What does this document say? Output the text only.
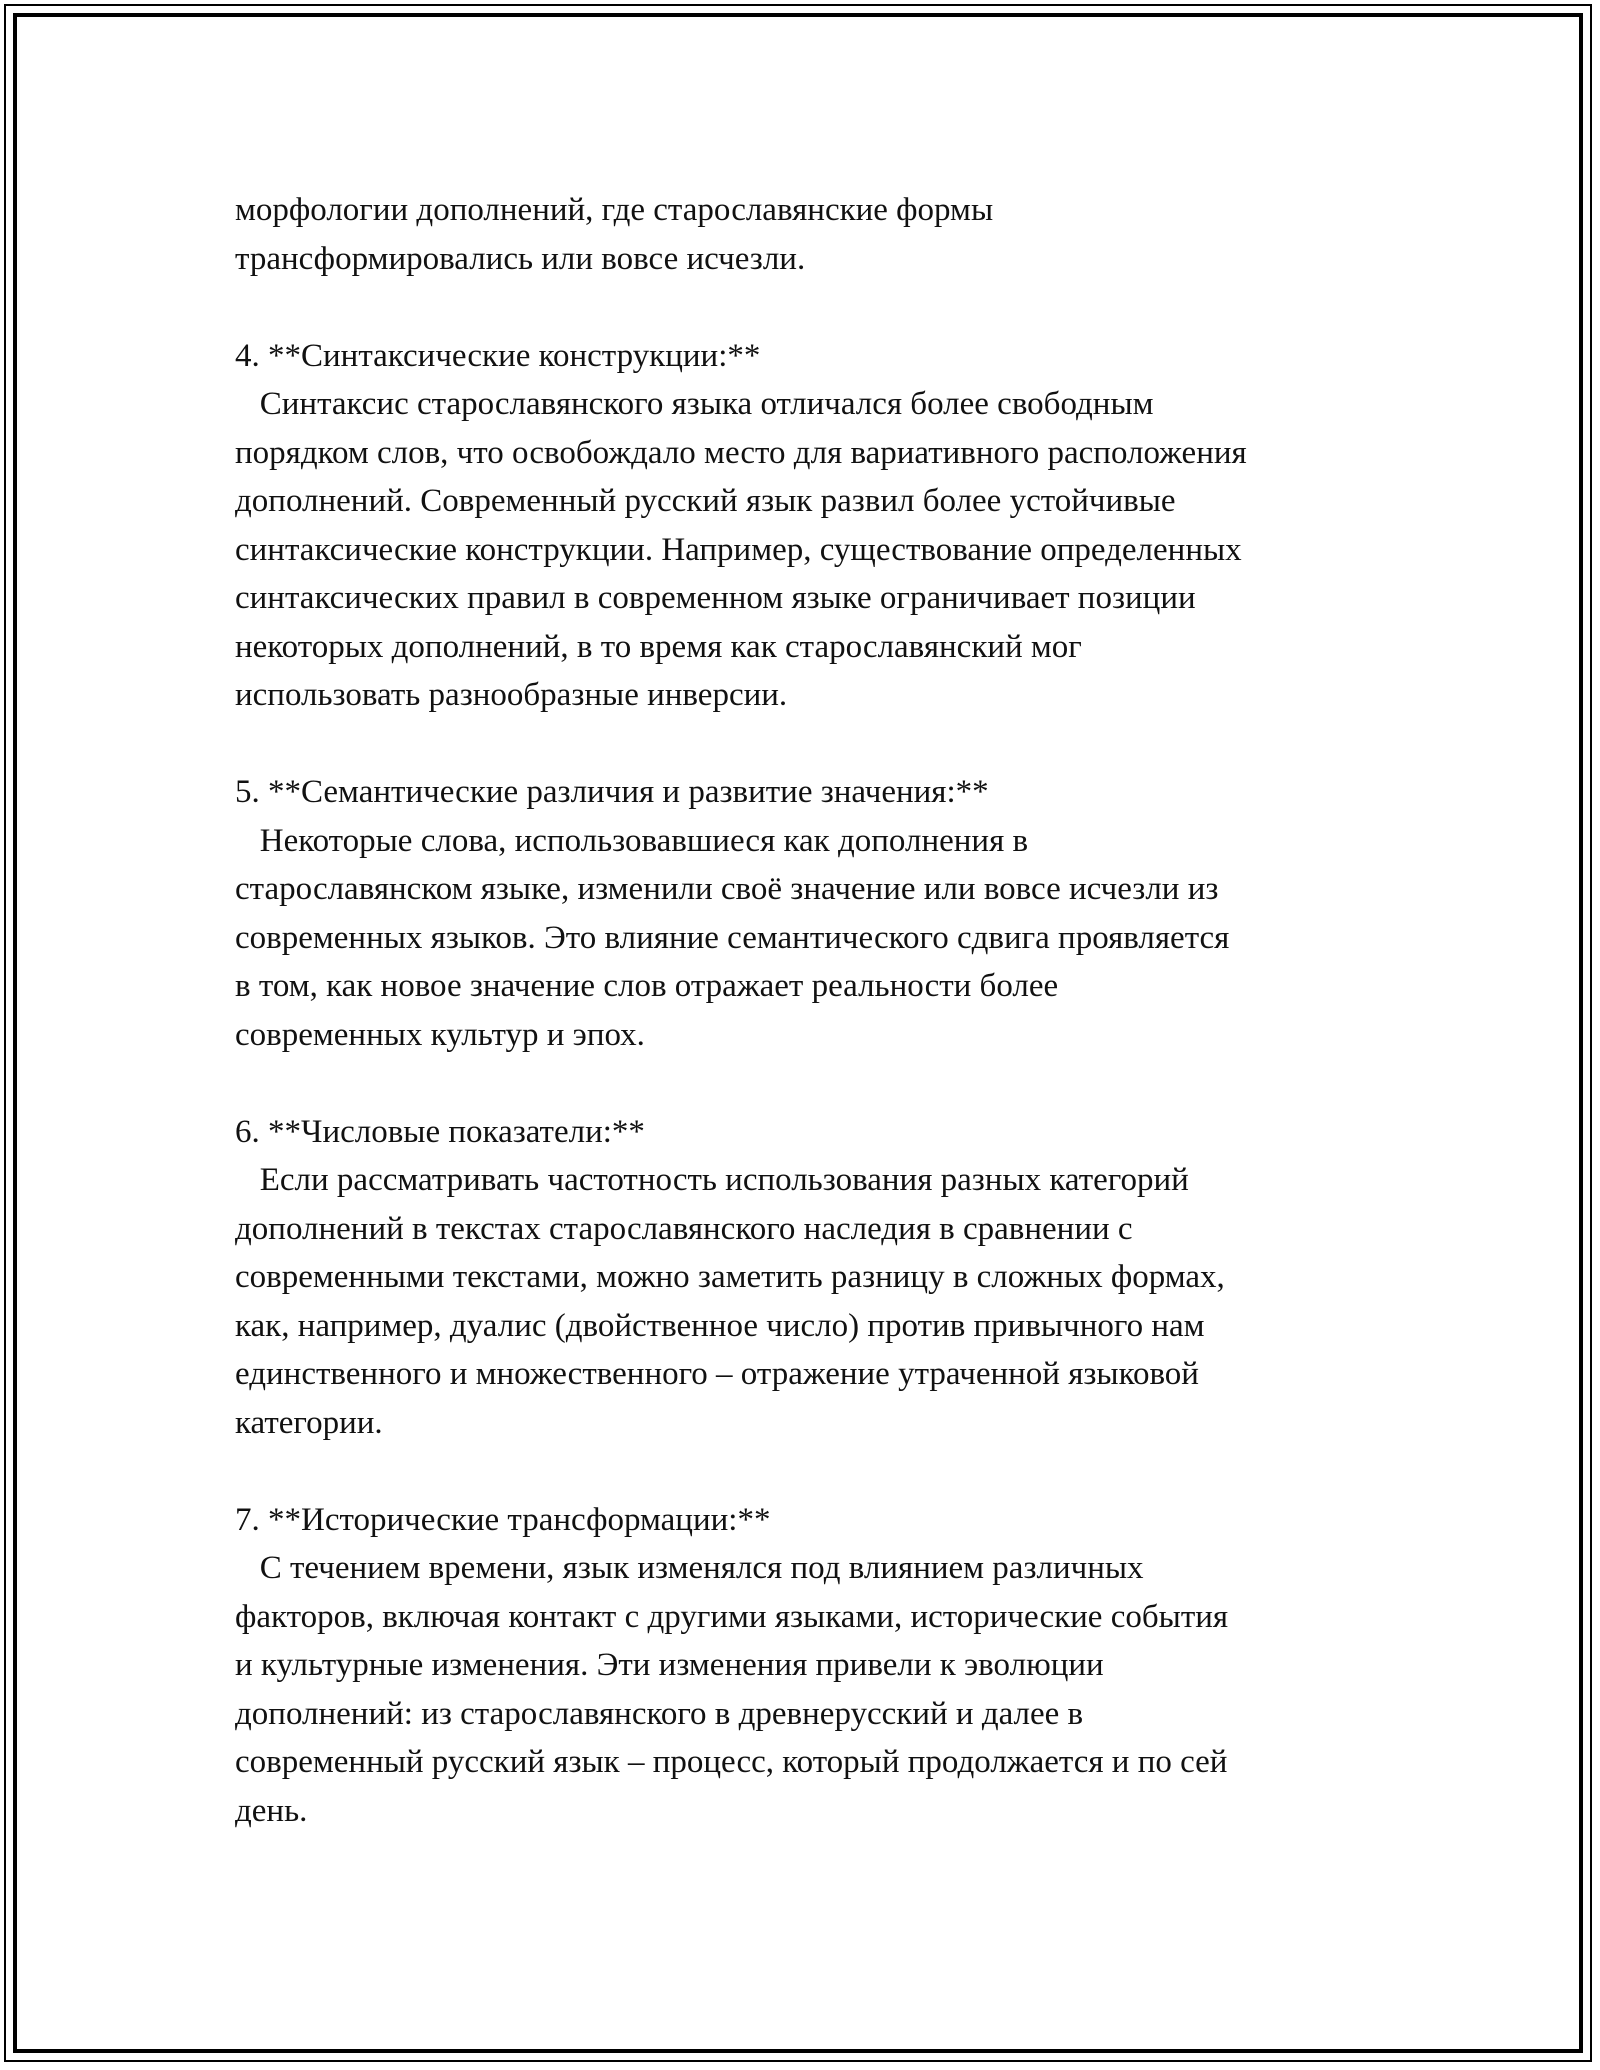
морфологии дополнений, где старославянские формы
трансформировались или вовсе исчезли.
4. **Синтаксические конструкции:**
Синтаксис старославянского языка отличался более свободным
порядком слов, что освобождало место для вариативного расположения
дополнений. Современный русский язык развил более устойчивые
синтаксические конструкции. Например, существование определенных
синтаксических правил в современном языке ограничивает позиции
некоторых дополнений, в то время как старославянский мог
использовать разнообразные инверсии.
5. **Семантические различия и развитие значения:**
Некоторые слова, использовавшиеся как дополнения в
старославянском языке, изменили своё значение или вовсе исчезли из
современных языков. Это влияние семантического сдвига проявляется
в том, как новое значение слов отражает реальности более
современных культур и эпох.
6. **Числовые показатели:**
Если рассматривать частотность использования разных категорий
дополнений в текстах старославянского наследия в сравнении с
современными текстами, можно заметить разницу в сложных формах,
как, например, дуалис (двойственное число) против привычного нам
единственного и множественного – отражение утраченной языковой
категории.
7. **Исторические трансформации:**
С течением времени, язык изменялся под влиянием различных
факторов, включая контакт с другими языками, исторические события
и культурные изменения. Эти изменения привели к эволюции
дополнений: из старославянского в древнерусский и далее в
современный русский язык – процесс, который продолжается и по сей
день.
